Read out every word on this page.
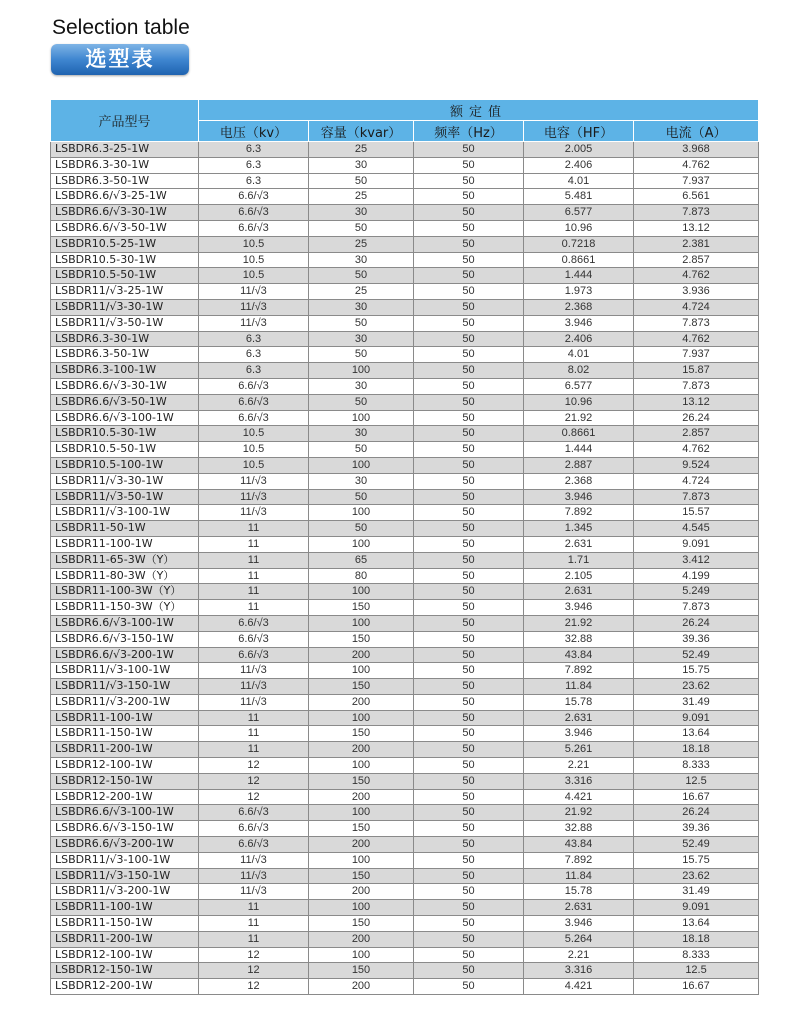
Selection table
选型表
产品型号	额定值				
	电压（kv）	容量（kvar）	频率（Hz）	电容（HF）	电流（A）
LSBDR6.3-25-1W	6.3	25	50	2.005	3.968
LSBDR6.3-30-1W	6.3	30	50	2.406	4.762
LSBDR6.3-50-1W	6.3	50	50	4.01	7.937
LSBDR6.6/√3-25-1W	6.6/√3	25	50	5.481	6.561
LSBDR6.6/√3-30-1W	6.6/√3	30	50	6.577	7.873
LSBDR6.6/√3-50-1W	6.6/√3	50	50	10.96	13.12
LSBDR10.5-25-1W	10.5	25	50	0.7218	2.381
LSBDR10.5-30-1W	10.5	30	50	0.8661	2.857
LSBDR10.5-50-1W	10.5	50	50	1.444	4.762
LSBDR11/√3-25-1W	11/√3	25	50	1.973	3.936
LSBDR11/√3-30-1W	11/√3	30	50	2.368	4.724
LSBDR11/√3-50-1W	11/√3	50	50	3.946	7.873
LSBDR6.3-30-1W	6.3	30	50	2.406	4.762
LSBDR6.3-50-1W	6.3	50	50	4.01	7.937
LSBDR6.3-100-1W	6.3	100	50	8.02	15.87
LSBDR6.6/√3-30-1W	6.6/√3	30	50	6.577	7.873
LSBDR6.6/√3-50-1W	6.6/√3	50	50	10.96	13.12
LSBDR6.6/√3-100-1W	6.6/√3	100	50	21.92	26.24
LSBDR10.5-30-1W	10.5	30	50	0.8661	2.857
LSBDR10.5-50-1W	10.5	50	50	1.444	4.762
LSBDR10.5-100-1W	10.5	100	50	2.887	9.524
LSBDR11/√3-30-1W	11/√3	30	50	2.368	4.724
LSBDR11/√3-50-1W	11/√3	50	50	3.946	7.873
LSBDR11/√3-100-1W	11/√3	100	50	7.892	15.57
LSBDR11-50-1W	11	50	50	1.345	4.545
LSBDR11-100-1W	11	100	50	2.631	9.091
LSBDR11-65-3W（Y）	11	65	50	1.71	3.412
LSBDR11-80-3W（Y）	11	80	50	2.105	4.199
LSBDR11-100-3W（Y）	11	100	50	2.631	5.249
LSBDR11-150-3W（Y）	11	150	50	3.946	7.873
LSBDR6.6/√3-100-1W	6.6/√3	100	50	21.92	26.24
LSBDR6.6/√3-150-1W	6.6/√3	150	50	32.88	39.36
LSBDR6.6/√3-200-1W	6.6/√3	200	50	43.84	52.49
LSBDR11/√3-100-1W	11/√3	100	50	7.892	15.75
LSBDR11/√3-150-1W	11/√3	150	50	11.84	23.62
LSBDR11/√3-200-1W	11/√3	200	50	15.78	31.49
LSBDR11-100-1W	11	100	50	2.631	9.091
LSBDR11-150-1W	11	150	50	3.946	13.64
LSBDR11-200-1W	11	200	50	5.261	18.18
LSBDR12-100-1W	12	100	50	2.21	8.333
LSBDR12-150-1W	12	150	50	3.316	12.5
LSBDR12-200-1W	12	200	50	4.421	16.67
LSBDR6.6/√3-100-1W	6.6/√3	100	50	21.92	26.24
LSBDR6.6/√3-150-1W	6.6/√3	150	50	32.88	39.36
LSBDR6.6/√3-200-1W	6.6/√3	200	50	43.84	52.49
LSBDR11/√3-100-1W	11/√3	100	50	7.892	15.75
LSBDR11/√3-150-1W	11/√3	150	50	11.84	23.62
LSBDR11/√3-200-1W	11/√3	200	50	15.78	31.49
LSBDR11-100-1W	11	100	50	2.631	9.091
LSBDR11-150-1W	11	150	50	3.946	13.64
LSBDR11-200-1W	11	200	50	5.264	18.18
LSBDR12-100-1W	12	100	50	2.21	8.333
LSBDR12-150-1W	12	150	50	3.316	12.5
LSBDR12-200-1W	12	200	50	4.421	16.67
